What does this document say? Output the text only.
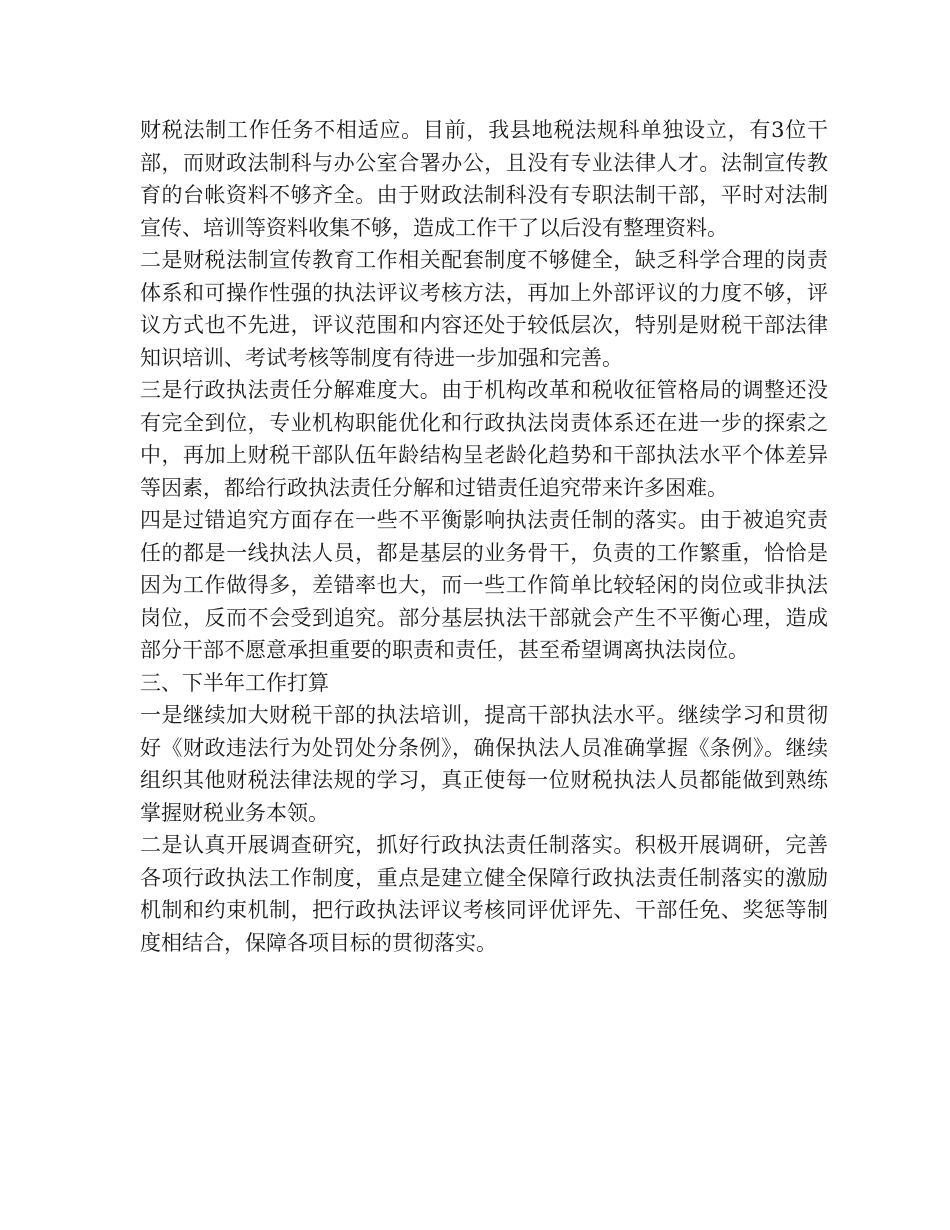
财税法制工作任务不相适应。目前，我县地税法规科单独设立，有3位干部，而财政法制科与办公室合署办公，且没有专业法律人才。法制宣传教育的台帐资料不够齐全。由于财政法制科没有专职法制干部，平时对法制宣传、培训等资料收集不够，造成工作干了以后没有整理资料。

二是财税法制宣传教育工作相关配套制度不够健全，缺乏科学合理的岗责体系和可操作性强的执法评议考核方法，再加上外部评议的力度不够，评议方式也不先进，评议范围和内容还处于较低层次，特别是财税干部法律知识培训、考试考核等制度有待进一步加强和完善。

三是行政执法责任分解难度大。由于机构改革和税收征管格局的调整还没有完全到位，专业机构职能优化和行政执法岗责体系还在进一步的探索之中，再加上财税干部队伍年龄结构呈老龄化趋势和干部执法水平个体差异等因素，都给行政执法责任分解和过错责任追究带来许多困难。

四是过错追究方面存在一些不平衡影响执法责任制的落实。由于被追究责任的都是一线执法人员，都是基层的业务骨干，负责的工作繁重，恰恰是因为工作做得多，差错率也大，而一些工作简单比较轻闲的岗位或非执法岗位，反而不会受到追究。部分基层执法干部就会产生不平衡心理，造成部分干部不愿意承担重要的职责和责任，甚至希望调离执法岗位。

三、下半年工作打算

一是继续加大财税干部的执法培训，提高干部执法水平。继续学习和贯彻好《财政违法行为处罚处分条例》，确保执法人员准确掌握《条例》。继续组织其他财税法律法规的学习，真正使每一位财税执法人员都能做到熟练掌握财税业务本领。

二是认真开展调查研究，抓好行政执法责任制落实。积极开展调研，完善各项行政执法工作制度，重点是建立健全保障行政执法责任制落实的激励机制和约束机制，把行政执法评议考核同评优评先、干部任免、奖惩等制度相结合，保障各项目标的贯彻落实。
